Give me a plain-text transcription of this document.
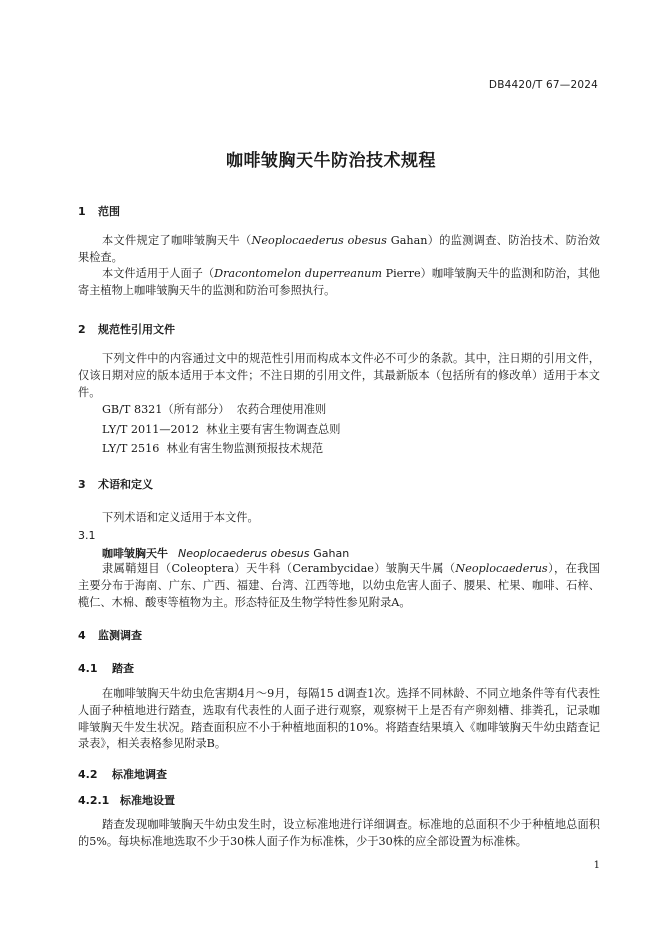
DB4420/T 67—2024
咖啡皱胸天牛防治技术规程
1 范围
本文件规定了咖啡皱胸天牛（Neoplocaederus obesus Gahan）的监测调查、防治技术、防治效果检查。
本文件适用于人面子（Dracontomelon duperreanum Pierre）咖啡皱胸天牛的监测和防治，其他寄主植物上咖啡皱胸天牛的监测和防治可参照执行。
2 规范性引用文件
下列文件中的内容通过文中的规范性引用而构成本文件必不可少的条款。其中，注日期的引用文件，仅该日期对应的版本适用于本文件；不注日期的引用文件，其最新版本（包括所有的修改单）适用于本文件。
GB/T 8321（所有部分）  农药合理使用准则
LY/T 2011—2012  林业主要有害生物调查总则
LY/T 2516  林业有害生物监测预报技术规范
3 术语和定义
下列术语和定义适用于本文件。
3.1
咖啡皱胸天牛 Neoplocaederus obesus Gahan
隶属鞘翅目（Coleoptera）天牛科（Cerambycidae）皱胸天牛属（Neoplocaederus），在我国主要分布于海南、广东、广西、福建、台湾、江西等地，以幼虫危害人面子、腰果、杧果、咖啡、石梓、榄仁、木棉、酸枣等植物为主。形态特征及生物学特性参见附录A。
4 监测调查
4.1 踏查
在咖啡皱胸天牛幼虫危害期4月～9月，每隔15 d调查1次。选择不同林龄、不同立地条件等有代表性人面子种植地进行踏查，选取有代表性的人面子进行观察，观察树干上是否有产卵刻槽、排粪孔，记录咖啡皱胸天牛发生状况。踏查面积应不小于种植地面积的10%。将踏查结果填入《咖啡皱胸天牛幼虫踏查记录表》，相关表格参见附录B。
4.2 标准地调查
4.2.1 标准地设置
踏查发现咖啡皱胸天牛幼虫发生时，设立标准地进行详细调查。标准地的总面积不少于种植地总面积的5%。每块标准地选取不少于30株人面子作为标准株，少于30株的应全部设置为标准株。
1
